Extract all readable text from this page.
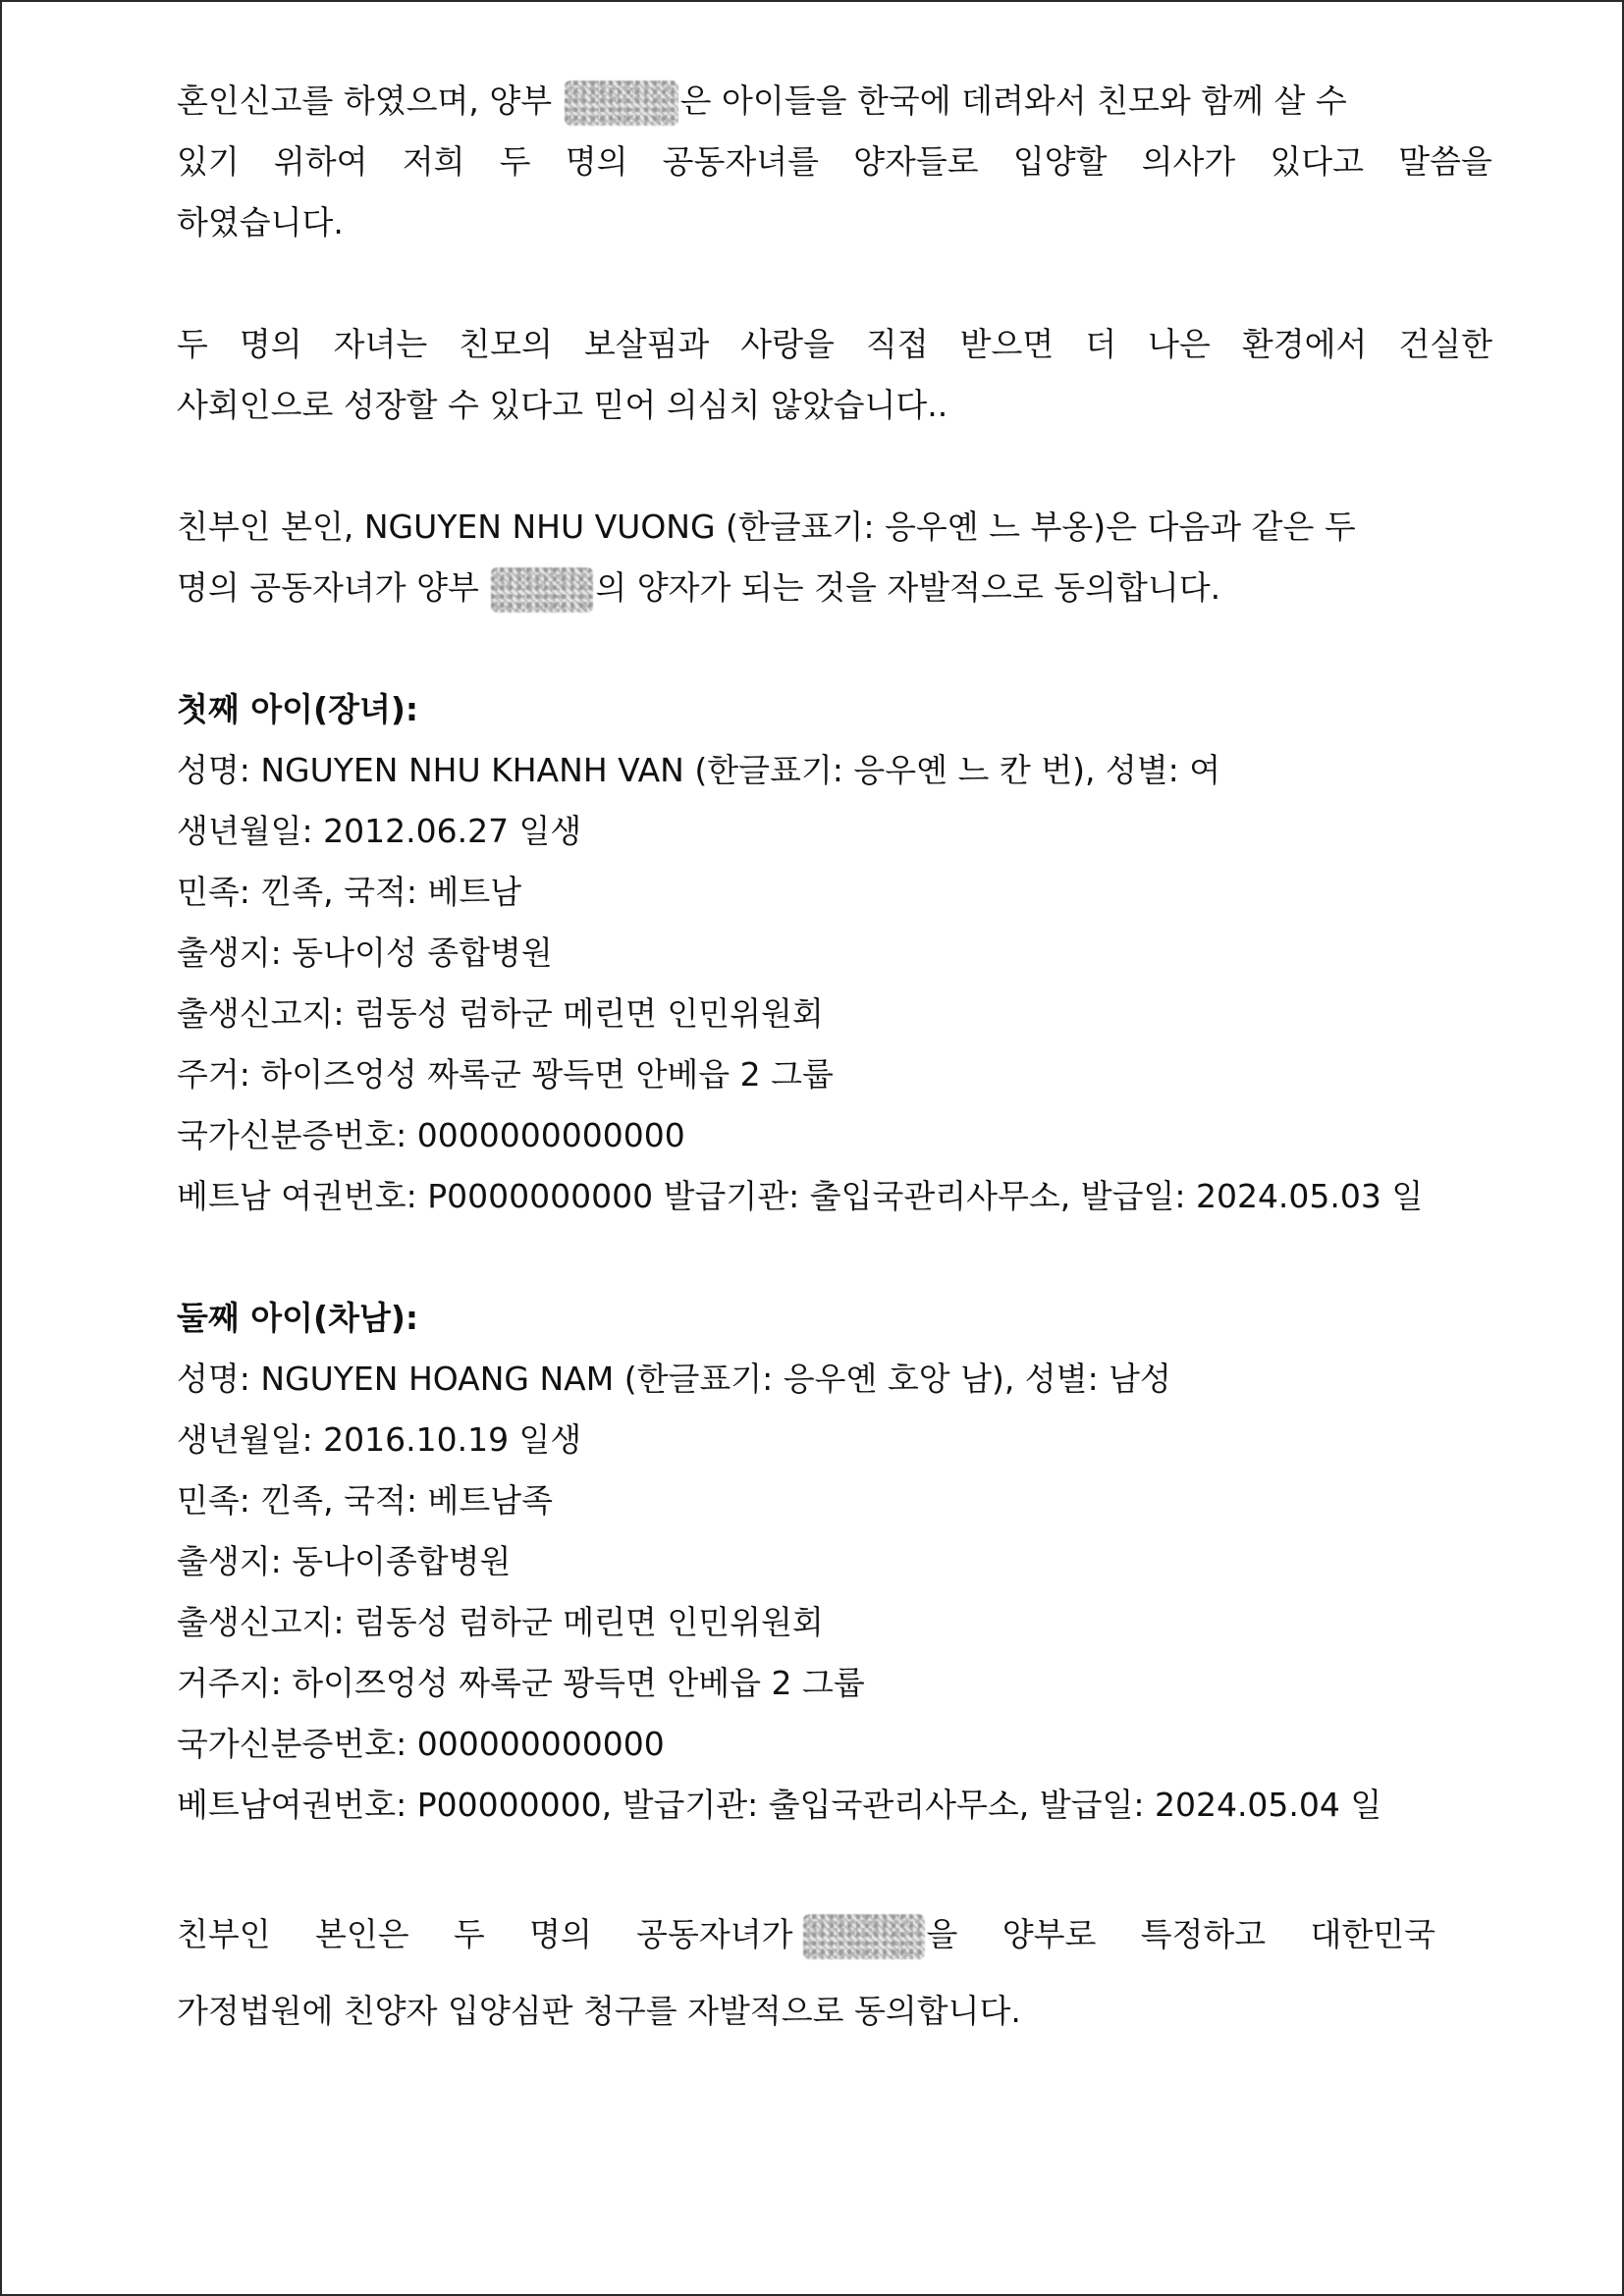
혼인신고를 하였으며, 양부	은 아이들을 한국에 데려와서 친모와 함께 살 수
있기 위하여 저희 두 명의 공동자녀를 양자들로 입양할 의사가 있다고 말씀을
하였습니다.
두 명의 자녀는 친모의 보살핌과 사랑을 직접 받으면 더 나은 환경에서 건실한
사회인으로 성장할 수 있다고 믿어 의심치 않았습니다..
친부인 본인, NGUYEN NHU VUONG (한글표기: 응우옌 느 부옹)은 다음과 같은 두
명의 공동자녀가 양부	의 양자가 되는 것을 자발적으로 동의합니다.
첫째 아이(장녀):
성명: NGUYEN NHU KHANH VAN (한글표기: 응우옌 느 칸 번), 성별: 여
생년월일: 2012.06.27 일생
민족: 낀족, 국적: 베트남
출생지: 동나이성 종합병원
출생신고지: 럼동성 럼하군 메린면 인민위원회
주거: 하이즈엉성 짜록군 꽝득면 안베읍 2 그룹
국가신분증번호: 0000000000000
베트남 여권번호: P0000000000 발급기관: 출입국관리사무소, 발급일: 2024.05.03 일
둘째 아이(차남):
성명: NGUYEN HOANG NAM (한글표기: 응우옌 호앙 남), 성별: 남성
생년월일: 2016.10.19 일생
민족: 낀족, 국적: 베트남족
출생지: 동나이종합병원
출생신고지: 럼동성 럼하군 메린면 인민위원회
거주지: 하이쯔엉성 짜록군 꽝득면 안베읍 2 그룹
국가신분증번호: 000000000000
베트남여권번호: P00000000, 발급기관: 출입국관리사무소, 발급일: 2024.05.04 일
친부인 본인은 두 명의 공동자녀가	을 양부로 특정하고 대한민국
가정법원에 친양자 입양심판 청구를 자발적으로 동의합니다.
